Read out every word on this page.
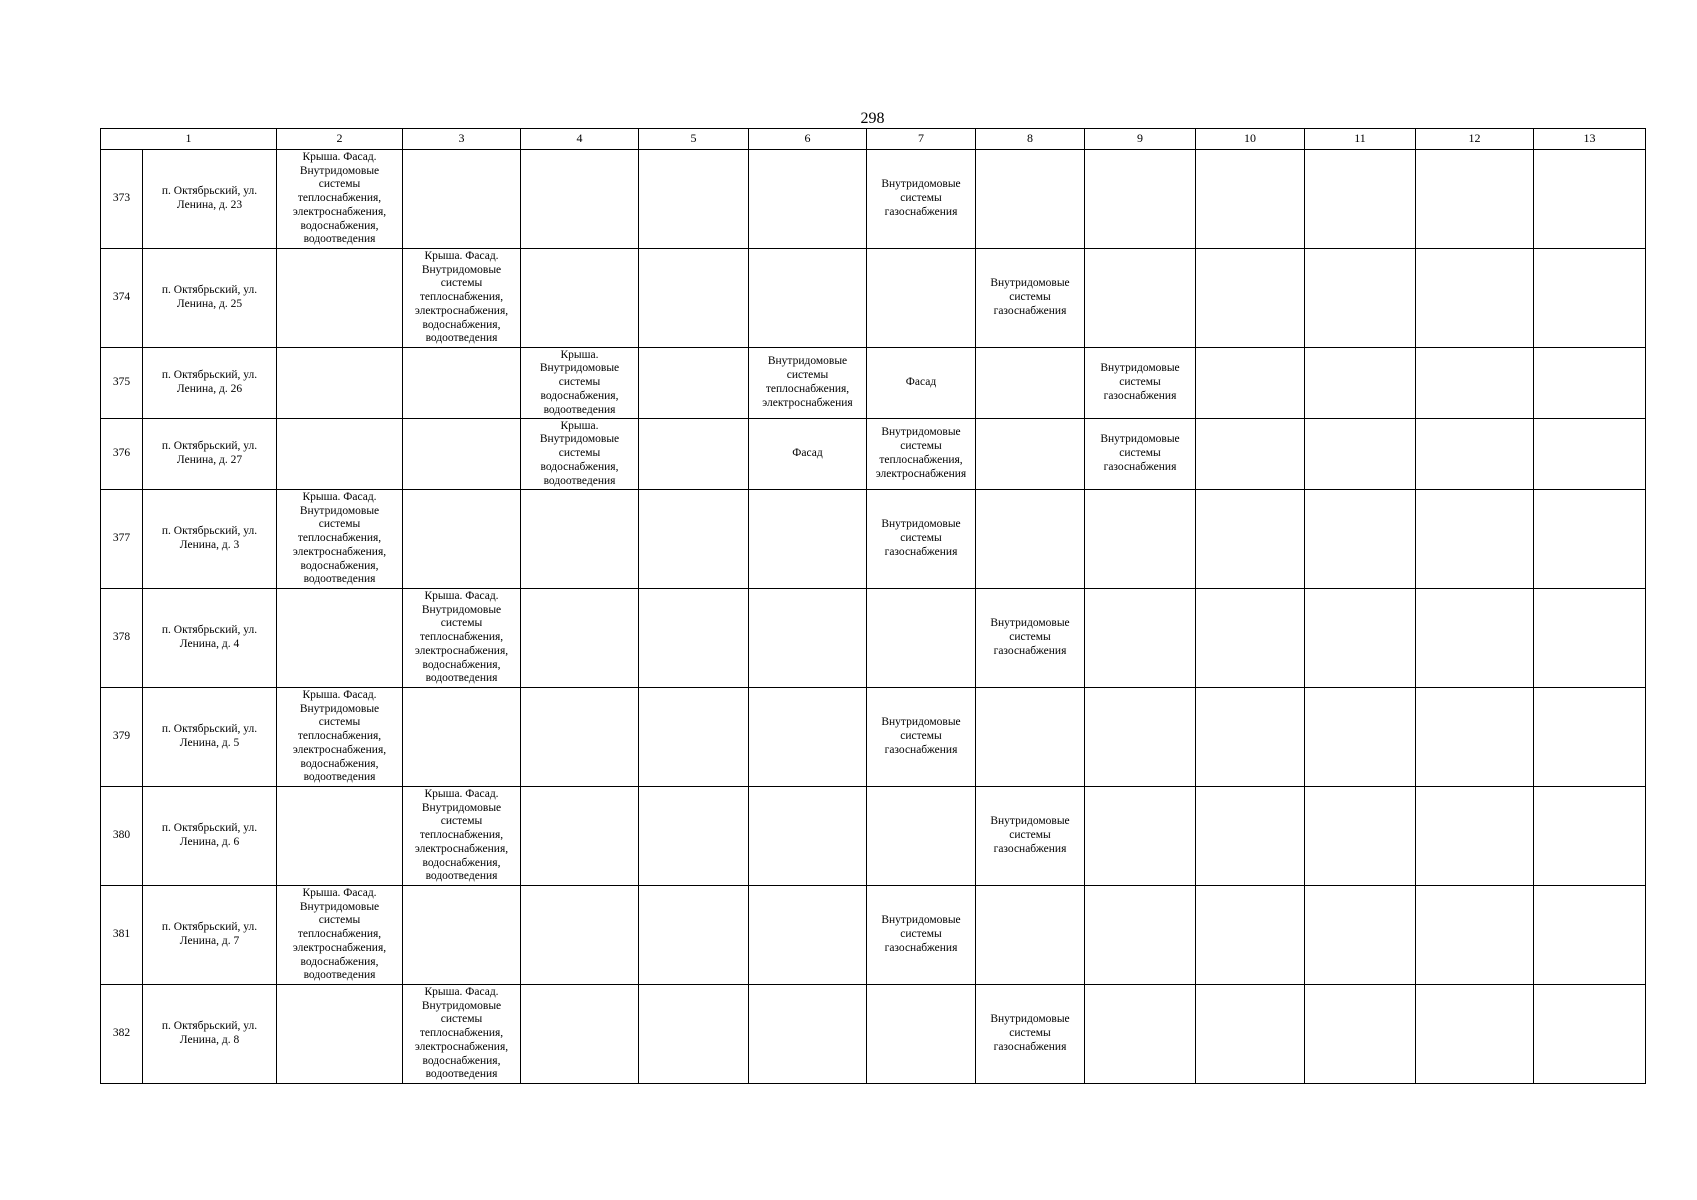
298
1		2	3	4	5	6	7	8	9	10	11	12	13
373	п. Октябрьский, ул. Ленина, д. 23	Крыша. Фасад. Внутридомовые системы теплоснабжения, электроснабжения, водоснабжения, водоотведения					Внутридомовые системы газоснабжения						
374	п. Октябрьский, ул. Ленина, д. 25		Крыша. Фасад. Внутридомовые системы теплоснабжения, электроснабжения, водоснабжения, водоотведения					Внутридомовые системы газоснабжения					
375	п. Октябрьский, ул. Ленина, д. 26			Крыша. Внутридомовые системы водоснабжения, водоотведения		Внутридомовые системы теплоснабжения, электроснабжения	Фасад		Внутридомовые системы газоснабжения				
376	п. Октябрьский, ул. Ленина, д. 27			Крыша. Внутридомовые системы водоснабжения, водоотведения		Фасад	Внутридомовые системы теплоснабжения, электроснабжения		Внутридомовые системы газоснабжения				
377	п. Октябрьский, ул. Ленина, д. 3	Крыша. Фасад. Внутридомовые системы теплоснабжения, электроснабжения, водоснабжения, водоотведения					Внутридомовые системы газоснабжения						
378	п. Октябрьский, ул. Ленина, д. 4		Крыша. Фасад. Внутридомовые системы теплоснабжения, электроснабжения, водоснабжения, водоотведения					Внутридомовые системы газоснабжения					
379	п. Октябрьский, ул. Ленина, д. 5	Крыша. Фасад. Внутридомовые системы теплоснабжения, электроснабжения, водоснабжения, водоотведения					Внутридомовые системы газоснабжения						
380	п. Октябрьский, ул. Ленина, д. 6		Крыша. Фасад. Внутридомовые системы теплоснабжения, электроснабжения, водоснабжения, водоотведения					Внутридомовые системы газоснабжения					
381	п. Октябрьский, ул. Ленина, д. 7	Крыша. Фасад. Внутридомовые системы теплоснабжения, электроснабжения, водоснабжения, водоотведения					Внутридомовые системы газоснабжения						
382	п. Октябрьский, ул. Ленина, д. 8		Крыша. Фасад. Внутридомовые системы теплоснабжения, электроснабжения, водоснабжения, водоотведения					Внутридомовые системы газоснабжения					
